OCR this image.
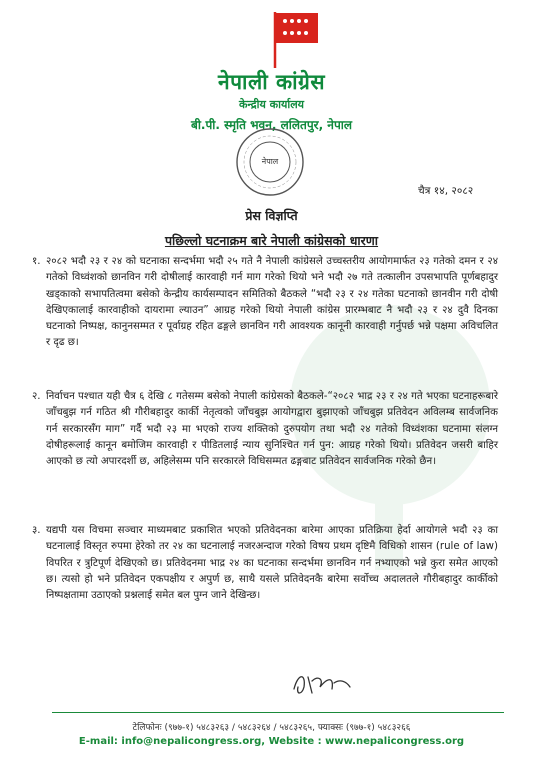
नेपाली कांग्रेस
केन्द्रीय कार्यालय
बी.पी. स्मृति भवन, ललितपुर, नेपाल
नेपाल
चैत्र १४, २०८२
प्रेस विज्ञप्ति
पछिल्लो घटनाक्रम बारे नेपाली कांग्रेसको धारणा
१. २०८२ भदौ २३ र २४ को घटनाका सन्दर्भमा भदौ २५ गते नै नेपाली कांग्रेसले उच्चस्तरीय आयोगमार्फत २३ गतेको दमन र २४ गतेको विध्वंशको छानविन गरी दोषीलाई कारवाही गर्न माग गरेको थियो भने भदौ २७ गते तत्कालीन उपसभापति पूर्णबहादुर खड्काको सभापतित्वमा बसेको केन्द्रीय कार्यसम्पादन समितिको बैठकले “भदौ २३ र २४ गतेका घटनाको छानवीन गरी दोषी देखिएकालाई कारवाहीको दायरामा ल्याउन” आग्रह गरेको थियो नेपाली कांग्रेस प्रारम्भबाट नै भदौ २३ र २४ दुवै दिनका घटनाको निष्पक्ष, कानुनसम्मत र पूर्वाग्रह रहित ढङ्गले छानविन गरी आवश्यक कानूनी कारवाही गर्नुपर्छ भन्ने पक्षमा अविचलित र दृढ छ।
२. निर्वाचन पश्चात यही चैत्र ६ देखि ८ गतेसम्म बसेको नेपाली कांग्रेसको बैठकले-“२०८२ भाद्र २३ र २४ गते भएका घटनाहरूबारे जाँचबुझ गर्न गठित श्री गौरीबहादुर कार्की नेतृत्वको जाँचबुझ आयोगद्वारा बुझाएको जाँचबुझ प्रतिवेदन अविलम्ब सार्वजनिक गर्न सरकारसँग माग” गर्दै भदौ २३ मा भएको राज्य शक्तिको दुरुपयोग तथा भदौ २४ गतेको विध्वंशका घटनामा संलग्न दोषीहरूलाई कानून बमोजिम कारवाही र पीडितलाई न्याय सुनिश्चित गर्न पुन: आग्रह गरेको थियो। प्रतिवेदन जसरी बाहिर आएको छ त्यो अपारदर्शी छ, अहिलेसम्म पनि सरकारले विधिसम्मत ढङ्गबाट प्रतिवेदन सार्वजनिक गरेको छैन।
३. यद्यपी यस विचमा सञ्चार माध्यमबाट प्रकाशित भएको प्रतिवेदनका बारेमा आएका प्रतिक्रिया हेर्दा आयोगले भदौ २३ का घटनालाई विस्तृत रुपमा हेरेको तर २४ का घटनालाई नजरअन्दाज गरेको विषय प्रथम दृष्टिमै विधिको शासन (rule of law) विपरित र त्रुटिपूर्ण देखिएको छ। प्रतिवेदनमा भाद्र २४ का घटनाका सन्दर्भमा छानविन गर्न नभ्याएको भन्ने कुरा समेत आएको छ। त्यसो हो भने प्रतिवेदन एकपक्षीय र अपुर्ण छ, साथै यसले प्रतिवेदनकै बारेमा सर्वोच्च अदालतले गौरीबहादुर कार्कीको निष्पक्षतामा उठाएको प्रश्नलाई समेत बल पुग्न जाने देखिन्छ।
टेलिफोनः (९७७-१) ५४८३२६३ / ५४८३२६४ / ५४८३२६५, फ्याक्सः (९७७-१) ५४८३२६६
E-mail: info@nepalicongress.org, Website : www.nepalicongress.org
